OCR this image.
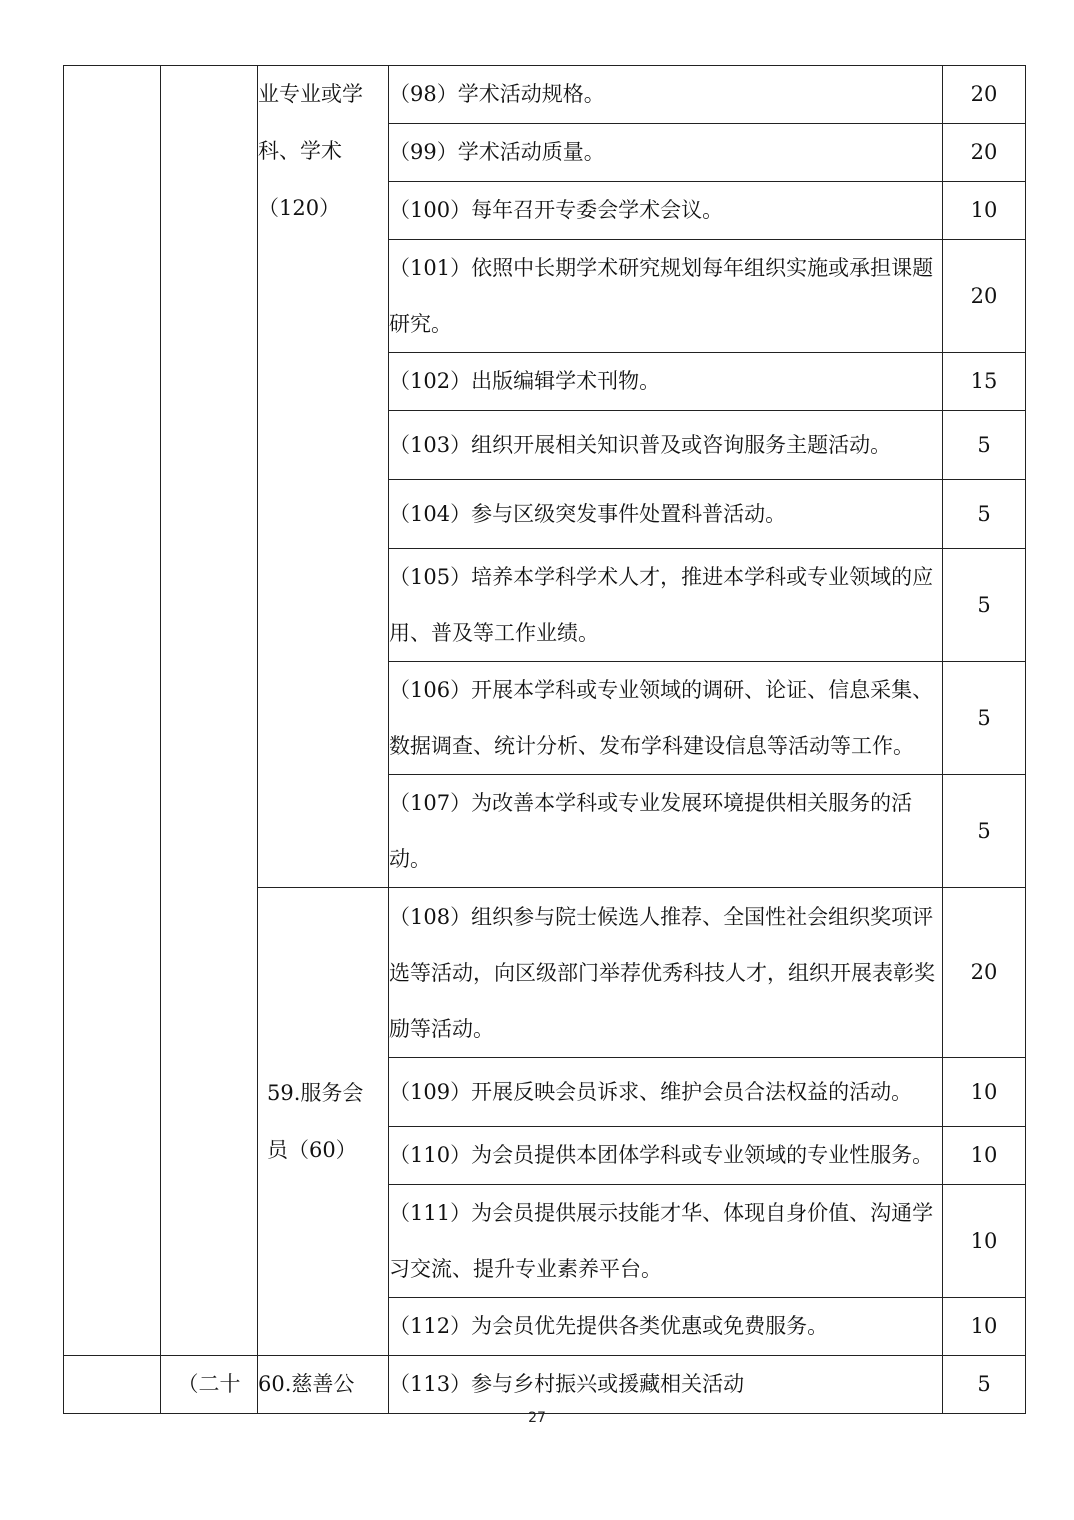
		业专业或学科、学术（120）	（98）学术活动规格。	20
			（99）学术活动质量。	20
			（100）每年召开专委会学术会议。	10
			（101）依照中长期学术研究规划每年组织实施或承担课题研究。	20
			（102）出版编辑学术刊物。	15
			（103）组织开展相关知识普及或咨询服务主题活动。	5
			（104）参与区级突发事件处置科普活动。	5
			（105）培养本学科学术人才，推进本学科或专业领域的应用、普及等工作业绩。	5
			（106）开展本学科或专业领域的调研、论证、信息采集、数据调查、统计分析、发布学科建设信息等活动等工作。	5
			（107）为改善本学科或专业发展环境提供相关服务的活动。	5

		59.服务会员（60）	（108）组织参与院士候选人推荐、全国性社会组织奖项评选等活动，向区级部门举荐优秀科技人才，组织开展表彰奖励等活动。	20
			（109）开展反映会员诉求、维护会员合法权益的活动。	10
			（110）为会员提供本团体学科或专业领域的专业性服务。	10
			（111）为会员提供展示技能才华、体现自身价值、沟通学习交流、提升专业素养平台。	10
			（112）为会员优先提供各类优惠或免费服务。	10
	（二十	60.慈善公	（113）参与乡村振兴或援藏相关活动	5
27
